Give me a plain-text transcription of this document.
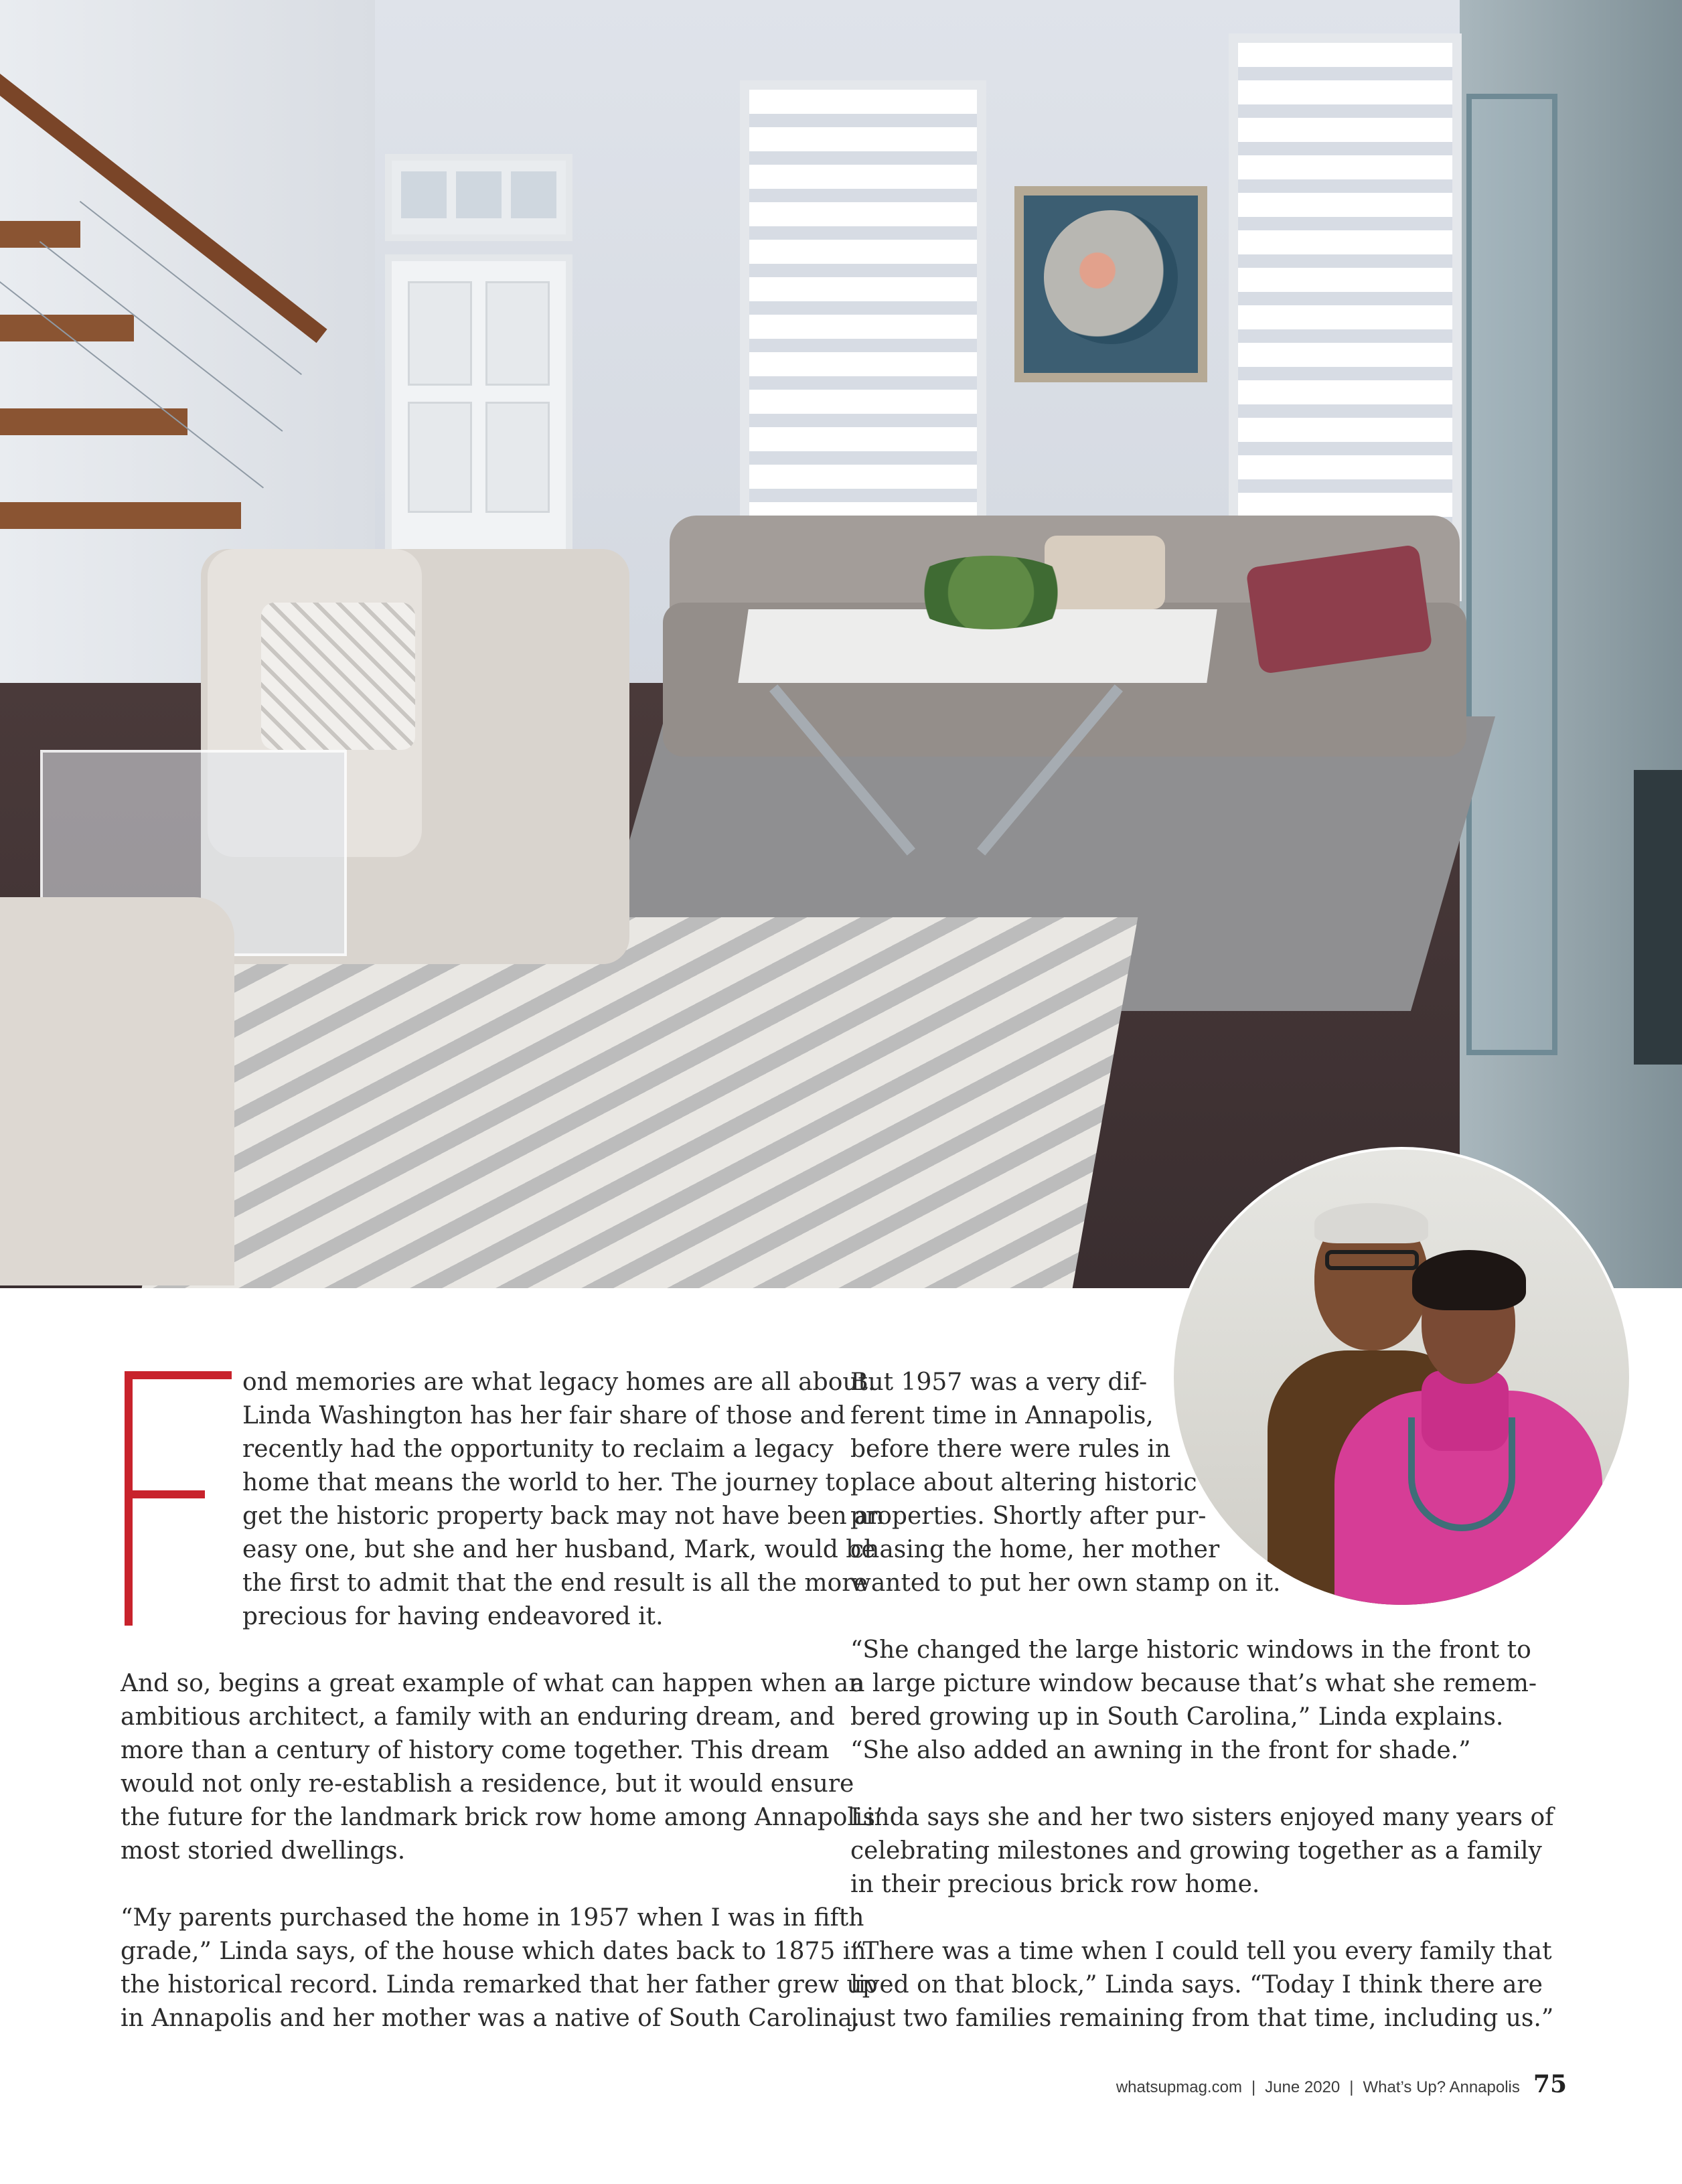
ond memories are what legacy homes are all about.
Linda Washington has her fair share of those and
recently had the opportunity to reclaim a legacy
home that means the world to her. The journey to
get the historic property back may not have been an
easy one, but she and her husband, Mark, would be
the first to admit that the end result is all the more
precious for having endeavored it.
And so, begins a great example of what can happen when an
ambitious architect, a family with an enduring dream, and
more than a century of history come together. This dream
would not only re-establish a residence, but it would ensure
the future for the landmark brick row home among Annapolis’
most storied dwellings.
“My parents purchased the home in 1957 when I was in fifth
grade,” Linda says, of the house which dates back to 1875 in
the historical record. Linda remarked that her father grew up
in Annapolis and her mother was a native of South Carolina.
But 1957 was a very dif-
ferent time in Annapolis,
before there were rules in
place about altering historic
properties. Shortly after pur-
chasing the home, her mother
wanted to put her own stamp on it.
“She changed the large historic windows in the front to
a large picture window because that’s what she remem-
bered growing up in South Carolina,” Linda explains.
“She also added an awning in the front for shade.”
Linda says she and her two sisters enjoyed many years of
celebrating milestones and growing together as a family
in their precious brick row home.
“There was a time when I could tell you every family that
lived on that block,” Linda says. “Today I think there are
just two families remaining from that time, including us.”
whatsupmag.com | June 2020 | What’s Up? Annapolis 75
